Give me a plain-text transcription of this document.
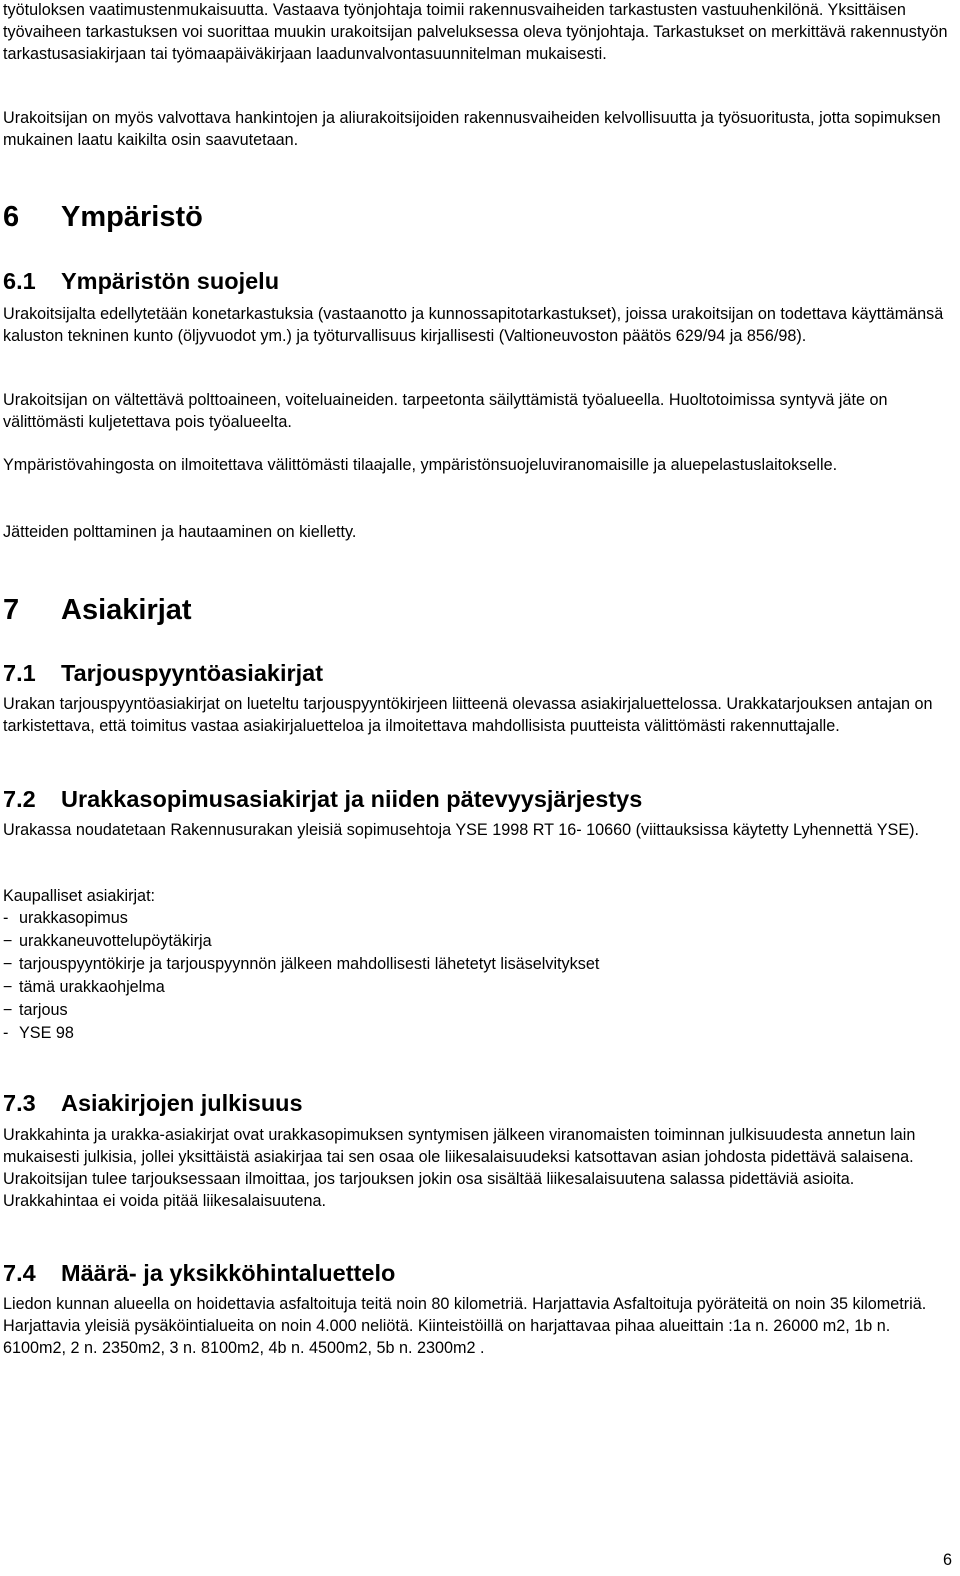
työtuloksen vaatimustenmukaisuutta. Vastaava työnjohtaja toimii rakennusvaiheiden tarkastusten vastuuhenkilönä. Yksittäisen työvaiheen tarkastuksen voi suorittaa muukin urakoitsijan palveluksessa oleva työnjohtaja. Tarkastukset on merkittävä rakennustyön tarkastusasiakirjaan tai työmaapäiväkirjaan laadunvalvontasuunnitelman mukaisesti.

Urakoitsijan on myös valvottava hankintojen ja aliurakoitsijoiden rakennusvaiheiden kelvollisuutta ja työsuoritusta, jotta sopimuksen mukainen laatu kaikilta osin saavutetaan.

6 Ympäristö
6.1 Ympäristön suojelu

Urakoitsijalta edellytetään konetarkastuksia (vastaanotto ja kunnossapitotarkastukset), joissa urakoitsijan on todettava käyttämänsä kaluston tekninen kunto (öljyvuodot ym.) ja työturvallisuus kirjallisesti (Valtioneuvoston päätös 629/94 ja 856/98).

Urakoitsijan on vältettävä polttoaineen, voiteluaineiden. tarpeetonta säilyttämistä työalueella. Huoltotoimissa syntyvä jäte on välittömästi kuljetettava pois työalueelta.

Ympäristövahingosta on ilmoitettava välittömästi tilaajalle, ympäristönsuojeluviranomaisille ja aluepelastuslaitokselle.

Jätteiden polttaminen ja hautaaminen on kielletty.

7 Asiakirjat
7.1 Tarjouspyyntöasiakirjat

Urakan tarjouspyyntöasiakirjat on lueteltu tarjouspyyntökirjeen liitteenä olevassa asiakirjaluettelossa. Urakkatarjouksen antajan on tarkistettava, että toimitus vastaa asiakirjaluetteloa ja ilmoitettava mahdollisista puutteista välittömästi rakennuttajalle.

7.2 Urakkasopimusasiakirjat ja niiden pätevyysjärjestys

Urakassa noudatetaan Rakennusurakan yleisiä sopimusehtoja YSE 1998 RT 16- 10660 (viittauksissa käytetty Lyhennettä YSE).

Kaupalliset asiakirjat:

- urakkasopimus
− urakkaneuvottelupöytäkirja
− tarjouspyyntökirje ja tarjouspyynnön jälkeen mahdollisesti lähetetyt lisäselvitykset
− tämä urakkaohjelma
− tarjous
- YSE 98
7.3 Asiakirjojen julkisuus

Urakkahinta ja urakka-asiakirjat ovat urakkasopimuksen syntymisen jälkeen viranomaisten toiminnan julkisuudesta annetun lain mukaisesti julkisia, jollei yksittäistä asiakirjaa tai sen osaa ole liikesalaisuudeksi katsottavan asian johdosta pidettävä salaisena. Urakoitsijan tulee tarjouksessaan ilmoittaa, jos tarjouksen jokin osa sisältää liikesalaisuutena salassa pidettäviä asioita. Urakkahintaa ei voida pitää liikesalaisuutena.

7.4 Määrä- ja yksikköhintaluettelo

Liedon kunnan alueella on hoidettavia asfaltoituja teitä noin 80 kilometriä. Harjattavia Asfaltoituja pyöräteitä on noin 35 kilometriä. Harjattavia yleisiä pysäköintialueita on noin 4.000 neliötä. Kiinteistöillä on harjattavaa pihaa alueittain :1a n. 26000 m2, 1b n. 6100m2, 2 n. 2350m2, 3 n. 8100m2, 4b n. 4500m2, 5b n. 2300m2 .

6
